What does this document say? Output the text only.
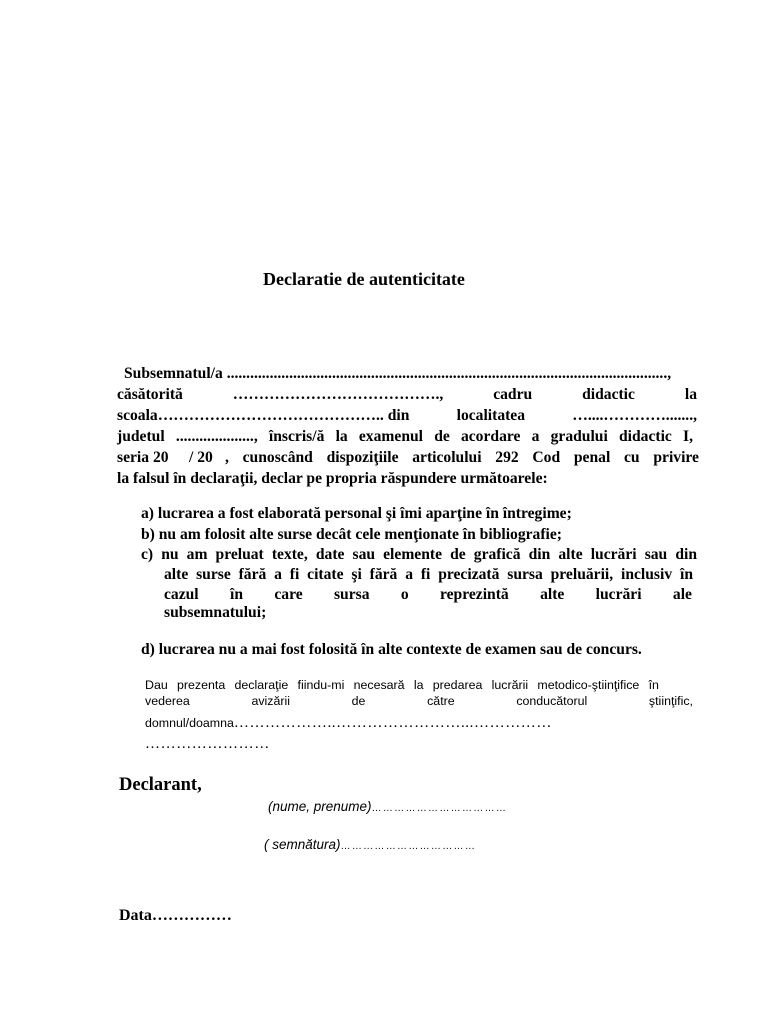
Declaratie de autenticitate
Subsemnatul/a .................................................................................................................,
căsătorită	………………………………….,	cadru	didactic	la
scoala…………………………………….. din	localitatea	…....………….......,
judetul ...................., înscris/ă la examenul de acordare a gradului didactic I,
seria 20 / 20 , cunoscând dispoziţiile articolului 292 Cod penal cu privire
la falsul în declaraţii, declar pe propria răspundere următoarele:
a) lucrarea a fost elaborată personal şi îmi aparţine în întregime;
b) nu am folosit alte surse decât cele menţionate în bibliografie;
c) nu am preluat texte, date sau elemente de grafică din alte lucrări sau din
alte surse fără a fi citate şi fără a fi precizată sursa preluării, inclusiv în
cazul în care sursa o reprezintă alte lucrări ale
subsemnatului;
d) lucrarea nu a mai fost folosită în alte contexte de examen sau de concurs.
Dau prezenta declaraţie fiindu-mi necesară la predarea lucrării metodico-ştiinţifice în
vederea	avizării	de	către	conducătorul	ştiinţific,
domnul/doamna………………..……………………...……………
……………………
Declarant,
(nume, prenume)………………………………
( semnătura)………………………………
Data……………
